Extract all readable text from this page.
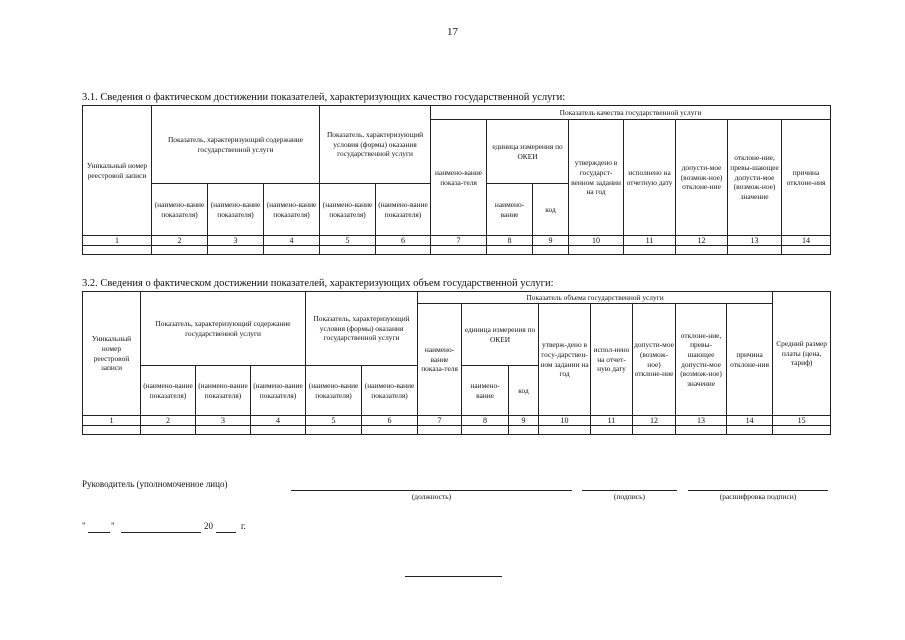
17
3.1. Сведения о фактическом достижении показателей, характеризующих качество государственной услуги:
Уникальный номер реестровой записи	Показатель, характеризующий содержание государственной услуги			Показатель, характеризующий условия (формы) оказания государственной услуги		Показатель качества государственной услуги							
						наимено-вание показа-теля	единица измерения по ОКЕИ		утверждено в государст-венном задании на год	исполнено на отчетную дату	допусти-мое (возмож-ное) отклоне-ние	отклоне-ние, превы-шающее допусти-мое (возмож-ное) значение	причина отклоне-ния
	(наимено-вание показателя)	(наимено-вание показателя)	(наимено-вание показателя)	(наимено-вание показателя)	(наимено-вание показателя)		наимено-вание	код					
1	2	3	4	5	6	7	8	9	10	11	12	13	14

3.2. Сведения о фактическом достижении показателей, характеризующих объем государственной услуги:
Уникальный номер реестровой записи	Показатель, характеризующий содержание государственной услуги			Показатель, характеризующий условия (формы) оказания государственной услуги		Показатель объема государственной услуги								Средний размер платы (цена, тариф)
						наимено-вание показа-теля	единица измерения по ОКЕИ		утверж-дено в госу-дарствен-ном задании на год	испол-нено на отчет-ную дату	допусти-мое (возмож-ное) отклоне-ние	отклоне-ние, превы-шающее допусти-мое (возмож-ное) значение	причина отклоне-ния	
	(наимено-вание показателя)	(наимено-вание показателя)	(наимено-вание показателя)	(наимено-вание показателя)	(наимено-вание показателя)		наимено-вание	код						
1	2	3	4	5	6	7	8	9	10	11	12	13	14	15

Руководитель (уполномоченное лицо)
(должность)	(подпись)	(расшифровка подписи)
"	"	20	г.
